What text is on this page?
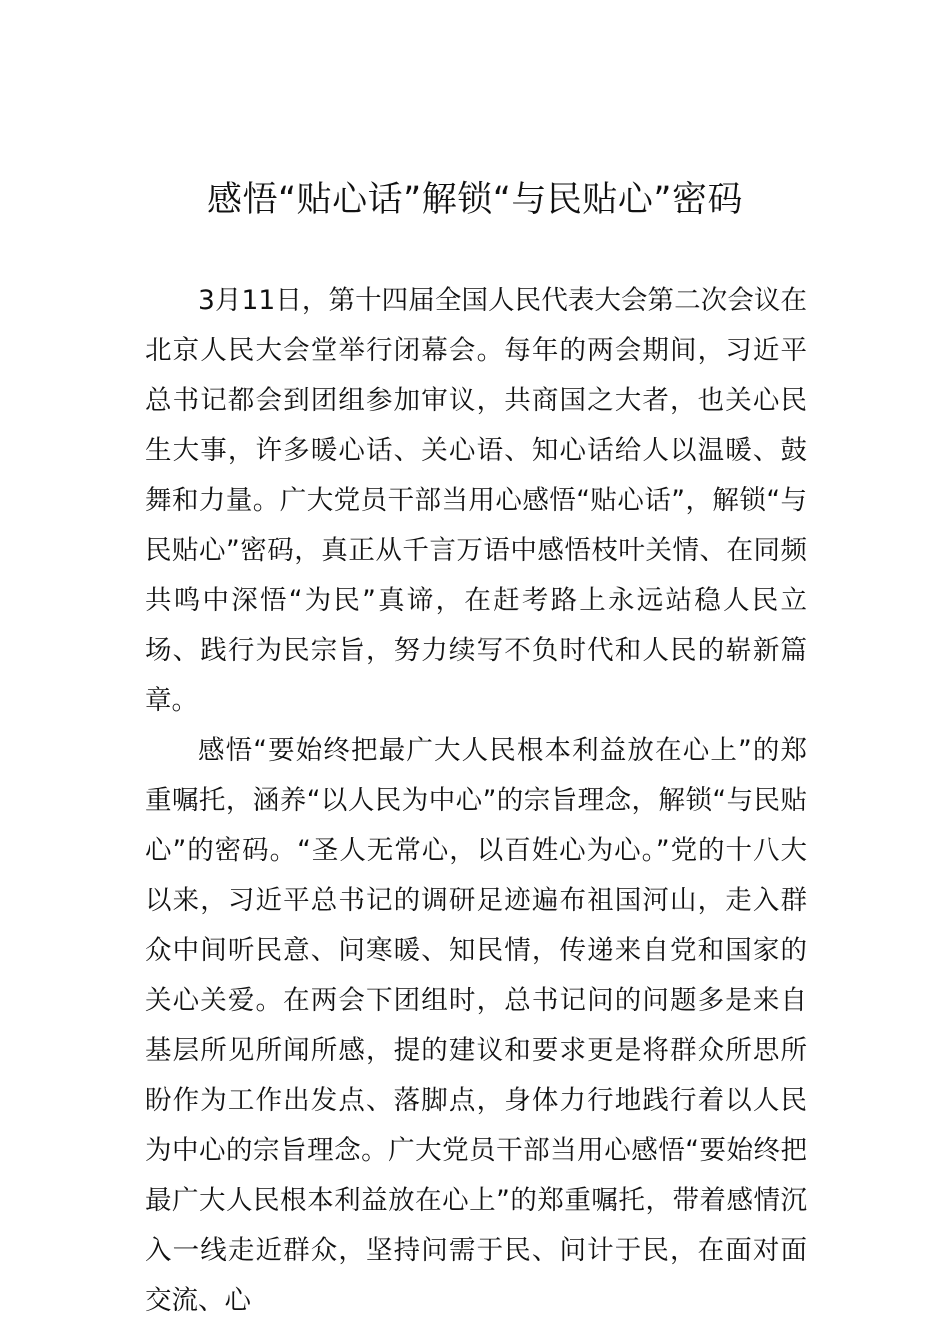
感悟“贴心话”解锁“与民贴心”密码

3月11日，第十四届全国人民代表大会第二次会议在北京人民大会堂举行闭幕会。每年的两会期间，习近平总书记都会到团组参加审议，共商国之大者，也关心民生大事，许多暖心话、关心语、知心话给人以温暖、鼓舞和力量。广大党员干部当用心感悟“贴心话”，解锁“与民贴心”密码，真正从千言万语中感悟枝叶关情、在同频共鸣中深悟“为民”真谛，在赶考路上永远站稳人民立场、践行为民宗旨，努力续写不负时代和人民的崭新篇章。

感悟“要始终把最广大人民根本利益放在心上”的郑重嘱托，涵养“以人民为中心”的宗旨理念，解锁“与民贴心”的密码。“圣人无常心，以百姓心为心。”党的十八大以来，习近平总书记的调研足迹遍布祖国河山，走入群众中间听民意、问寒暖、知民情，传递来自党和国家的关心关爱。在两会下团组时，总书记问的问题多是来自基层所见所闻所感，提的建议和要求更是将群众所思所盼作为工作出发点、落脚点，身体力行地践行着以人民为中心的宗旨理念。广大党员干部当用心感悟“要始终把最广大人民根本利益放在心上”的郑重嘱托，带着感情沉入一线走近群众，坚持问需于民、问计于民，在面对面交流、心
